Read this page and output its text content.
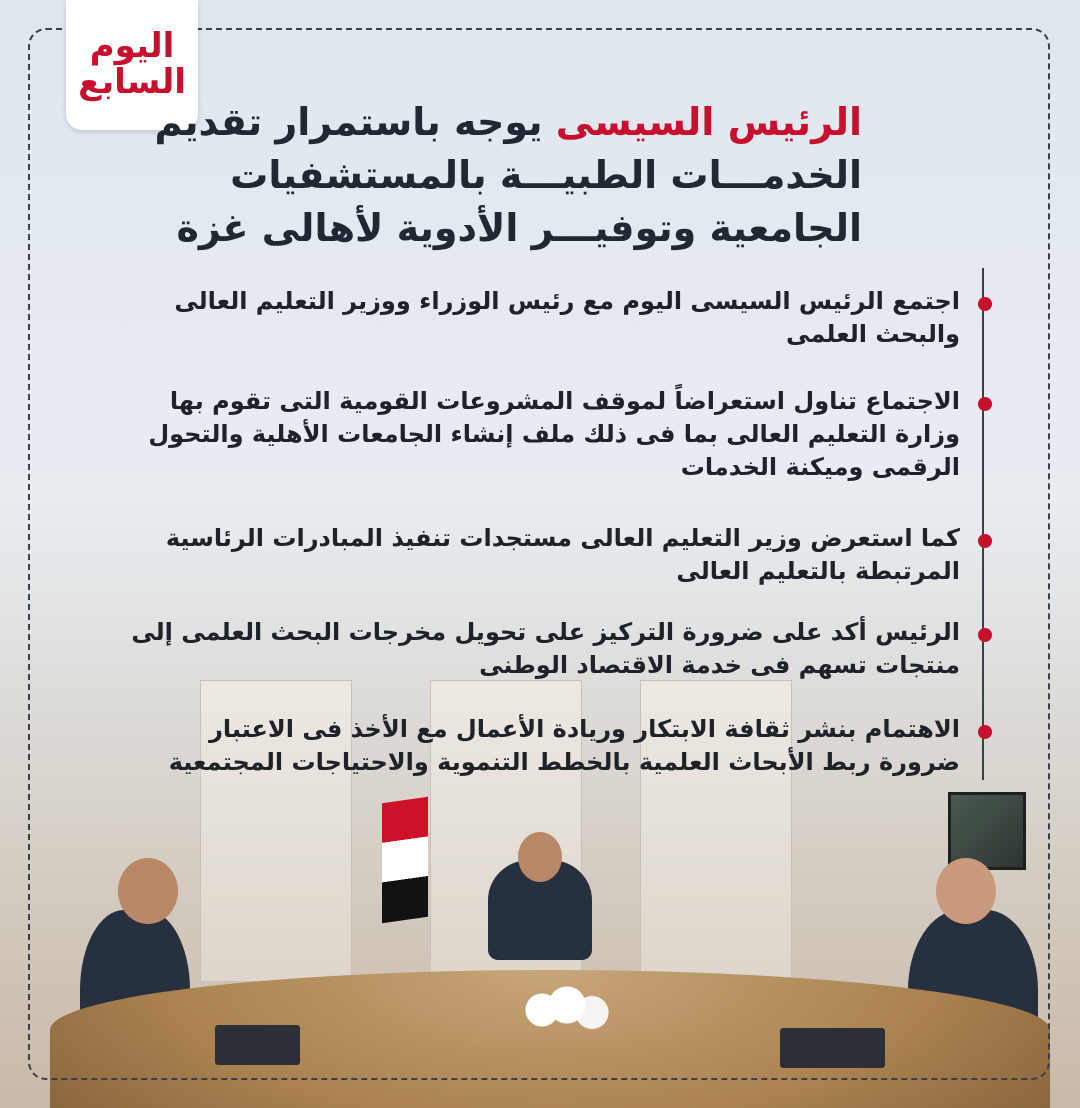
اليوم
السابع
الرئيس السيسى يوجه باستمرار تقديم
الخدمـــات الطبيـــة بالمستشفيات
الجامعية وتوفيـــر الأدوية لأهالى غزة
اجتمع الرئيس السيسى اليوم مع رئيس الوزراء ووزير التعليم العالى والبحث العلمى
الاجتماع تناول استعراضاً لموقف المشروعات القومية التى تقوم بها وزارة التعليم العالى بما فى ذلك ملف إنشاء الجامعات الأهلية والتحول الرقمى وميكنة الخدمات
كما استعرض وزير التعليم العالى مستجدات تنفيذ المبادرات الرئاسية المرتبطة بالتعليم العالى
الرئيس أكد على ضرورة التركيز على تحويل مخرجات البحث العلمى إلى منتجات تسهم فى خدمة الاقتصاد الوطنى
الاهتمام بنشر ثقافة الابتكار وريادة الأعمال مع الأخذ فى الاعتبار ضرورة ربط الأبحاث العلمية بالخطط التنموية والاحتياجات المجتمعية
